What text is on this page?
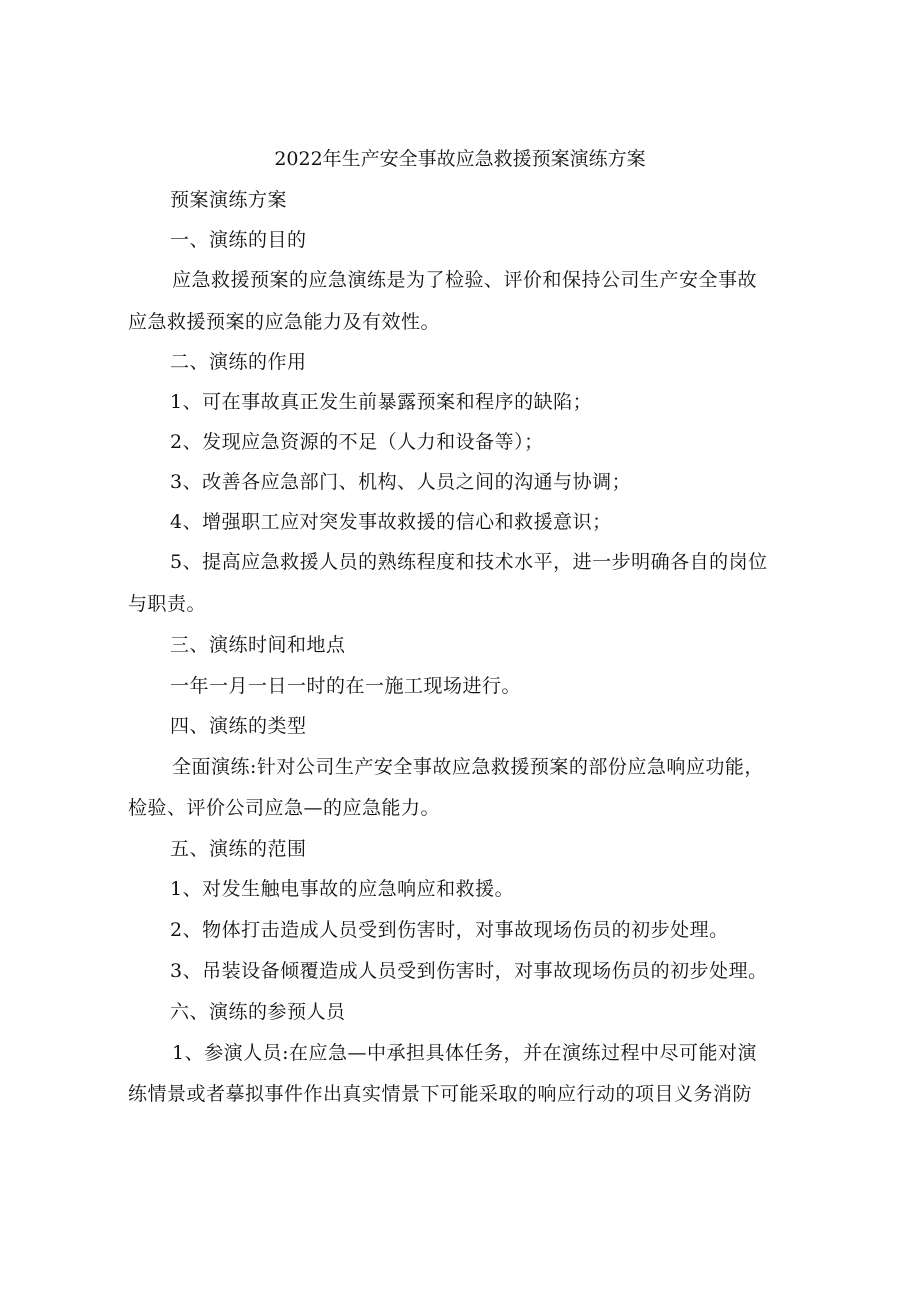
2022年生产安全事故应急救援预案演练方案
预案演练方案
一、演练的目的
应急救援预案的应急演练是为了检验、评价和保持公司生产安全事故
应急救援预案的应急能力及有效性。
二、演练的作用
1、可在事故真正发生前暴露预案和程序的缺陷；
2、发现应急资源的不足（人力和设备等）；
3、改善各应急部门、机构、人员之间的沟通与协调；
4、增强职工应对突发事故救援的信心和救援意识；
5、提高应急救援人员的熟练程度和技术水平，进一步明确各自的岗位
与职责。
三、演练时间和地点
一年一月一日一时的在一施工现场进行。
四、演练的类型
全面演练:针对公司生产安全事故应急救援预案的部份应急响应功能，
检验、评价公司应急—的应急能力。
五、演练的范围
1、对发生触电事故的应急响应和救援。
2、物体打击造成人员受到伤害时，对事故现场伤员的初步处理。
3、吊装设备倾覆造成人员受到伤害时，对事故现场伤员的初步处理。
六、演练的参预人员
1、参演人员:在应急—中承担具体任务，并在演练过程中尽可能对演
练情景或者摹拟事件作出真实情景下可能采取的响应行动的项目义务消防
